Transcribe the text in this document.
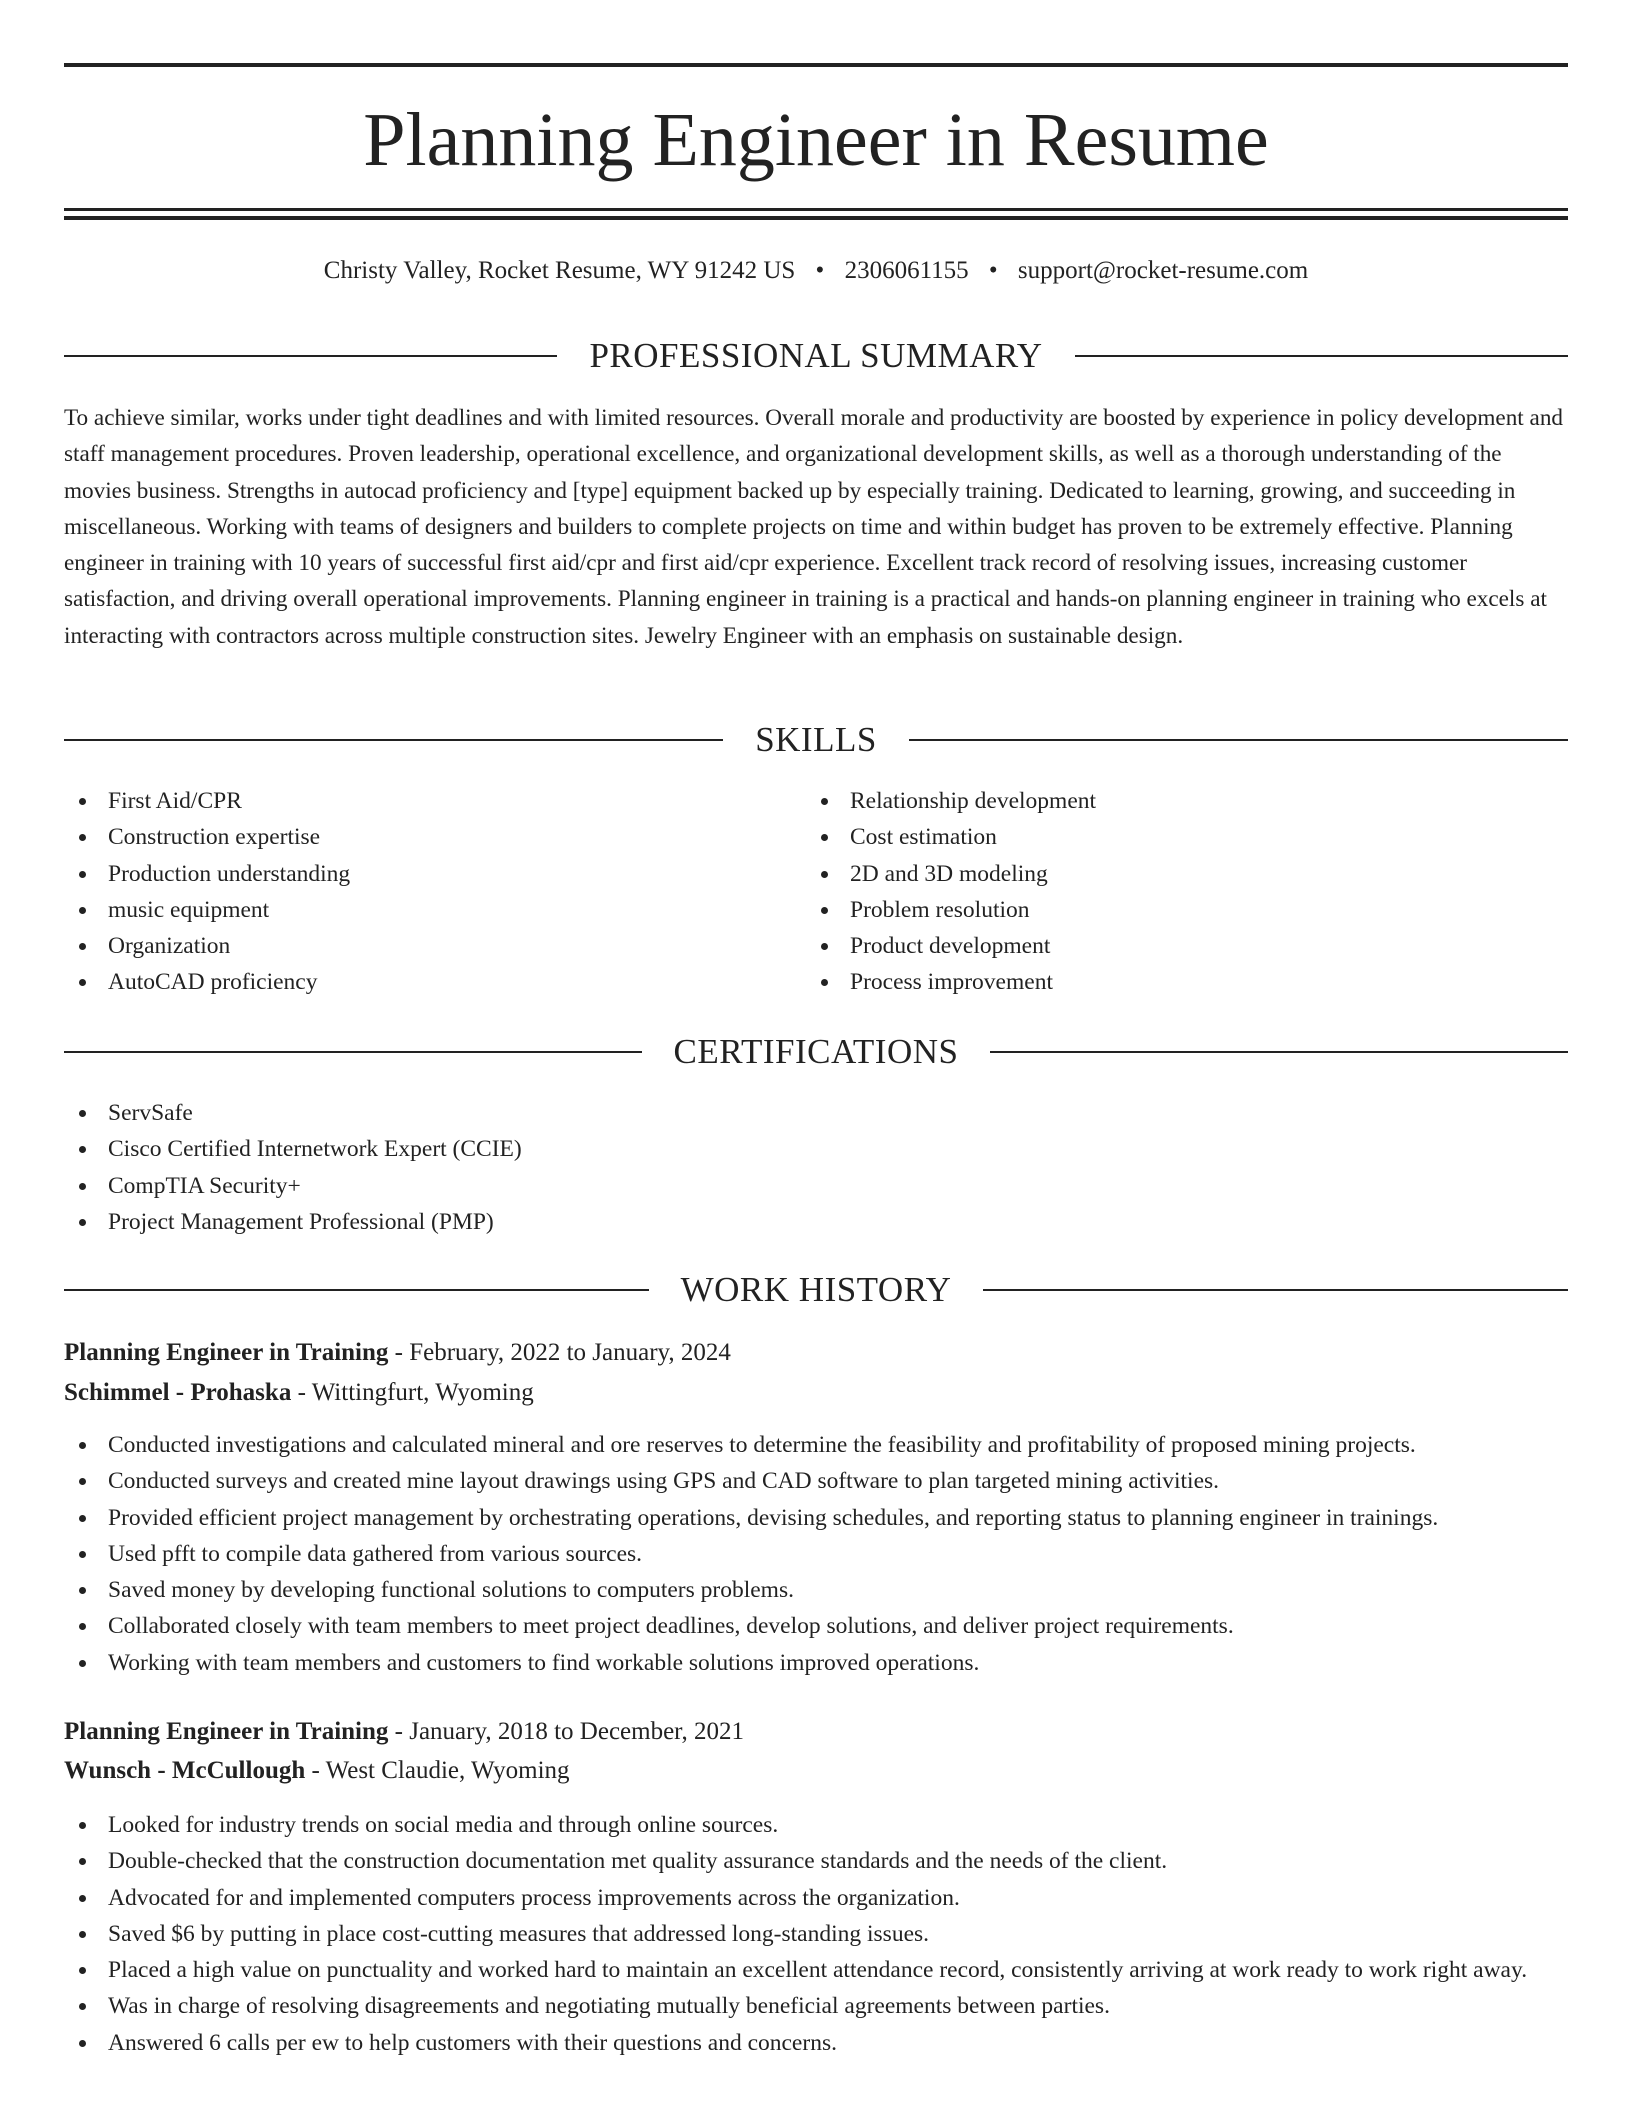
Planning Engineer in Resume
Christy Valley, Rocket Resume, WY 91242 US • 2306061155 • support@rocket-resume.com
PROFESSIONAL SUMMARY

To achieve similar, works under tight deadlines and with limited resources. Overall morale and productivity are boosted by experience in policy development and staff management procedures. Proven leadership, operational excellence, and organizational development skills, as well as a thorough understanding of the movies business. Strengths in autocad proficiency and [type] equipment backed up by especially training. Dedicated to learning, growing, and succeeding in miscellaneous. Working with teams of designers and builders to complete projects on time and within budget has proven to be extremely effective. Planning engineer in training with 10 years of successful first aid/cpr and first aid/cpr experience. Excellent track record of resolving issues, increasing customer satisfaction, and driving overall operational improvements. Planning engineer in training is a practical and hands-on planning engineer in training who excels at interacting with contractors across multiple construction sites. Jewelry Engineer with an emphasis on sustainable design.

SKILLS
First Aid/CPR
Construction expertise
Production understanding
music equipment
Organization
AutoCAD proficiency
Relationship development
Cost estimation
2D and 3D modeling
Problem resolution
Product development
Process improvement
CERTIFICATIONS
ServSafe
Cisco Certified Internetwork Expert (CCIE)
CompTIA Security+
Project Management Professional (PMP)
WORK HISTORY
Planning Engineer in Training - February, 2022 to January, 2024
Schimmel - Prohaska - Wittingfurt, Wyoming
Conducted investigations and calculated mineral and ore reserves to determine the feasibility and profitability of proposed mining projects.
Conducted surveys and created mine layout drawings using GPS and CAD software to plan targeted mining activities.
Provided efficient project management by orchestrating operations, devising schedules, and reporting status to planning engineer in trainings.
Used pfft to compile data gathered from various sources.
Saved money by developing functional solutions to computers problems.
Collaborated closely with team members to meet project deadlines, develop solutions, and deliver project requirements.
Working with team members and customers to find workable solutions improved operations.
Planning Engineer in Training - January, 2018 to December, 2021
Wunsch - McCullough - West Claudie, Wyoming
Looked for industry trends on social media and through online sources.
Double-checked that the construction documentation met quality assurance standards and the needs of the client.
Advocated for and implemented computers process improvements across the organization.
Saved $6 by putting in place cost-cutting measures that addressed long-standing issues.
Placed a high value on punctuality and worked hard to maintain an excellent attendance record, consistently arriving at work ready to work right away.
Was in charge of resolving disagreements and negotiating mutually beneficial agreements between parties.
Answered 6 calls per ew to help customers with their questions and concerns.
